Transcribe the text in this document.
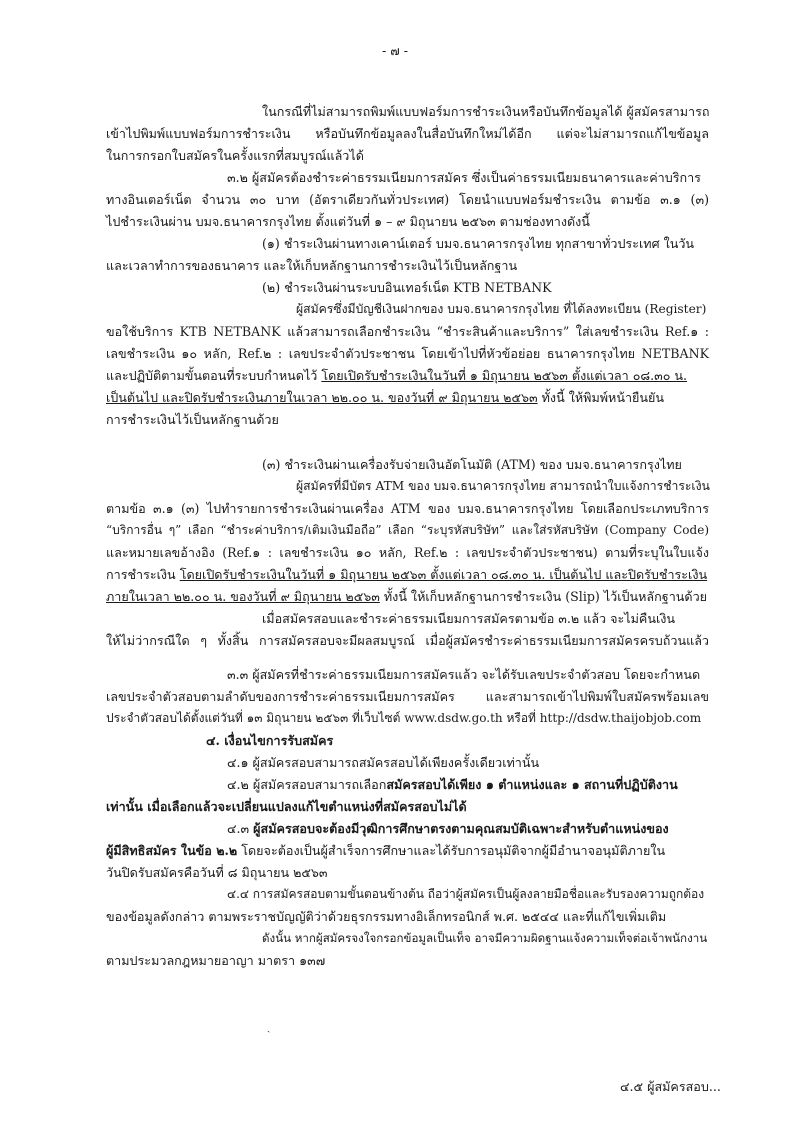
- ๗ -
ในกรณีที่ไม่สามารถพิมพ์แบบฟอร์มการชำระเงินหรือบันทึกข้อมูลได้ ผู้สมัครสามารถ
เข้าไปพิมพ์แบบฟอร์มการชำระเงิน หรือบันทึกข้อมูลลงในสื่อบันทึกใหม่ได้อีก แต่จะไม่สามารถแก้ไขข้อมูล
ในการกรอกใบสมัครในครั้งแรกที่สมบูรณ์แล้วได้
๓.๒ ผู้สมัครต้องชำระค่าธรรมเนียมการสมัคร ซึ่งเป็นค่าธรรมเนียมธนาคารและค่าบริการ
ทางอินเตอร์เน็ต จำนวน ๓๐ บาท (อัตราเดียวกันทั่วประเทศ) โดยนำแบบฟอร์มชำระเงิน ตามข้อ ๓.๑ (๓)
ไปชำระเงินผ่าน บมจ.ธนาคารกรุงไทย ตั้งแต่วันที่ ๑ – ๙ มิถุนายน ๒๕๖๓ ตามช่องทางดังนี้
(๑) ชำระเงินผ่านทางเคาน์เตอร์ บมจ.ธนาคารกรุงไทย ทุกสาขาทั่วประเทศ ในวัน
และเวลาทำการของธนาคาร และให้เก็บหลักฐานการชำระเงินไว้เป็นหลักฐาน
(๒) ชำระเงินผ่านระบบอินเทอร์เน็ต KTB NETBANK
ผู้สมัครซึ่งมีบัญชีเงินฝากของ บมจ.ธนาคารกรุงไทย ที่ได้ลงทะเบียน (Register)
ขอใช้บริการ KTB NETBANK แล้วสามารถเลือกชำระเงิน “ชำระสินค้าและบริการ” ใส่เลขชำระเงิน Ref.๑ :
เลขชำระเงิน ๑๐ หลัก, Ref.๒ : เลขประจำตัวประชาชน โดยเข้าไปที่หัวข้อย่อย ธนาคารกรุงไทย NETBANK
และปฏิบัติตามขั้นตอนที่ระบบกำหนดไว้ โดยเปิดรับชำระเงินในวันที่ ๑ มิถุนายน ๒๕๖๓ ตั้งแต่เวลา ๐๘.๓๐ น.
เป็นต้นไป และปิดรับชำระเงินภายในเวลา ๒๒.๐๐ น. ของวันที่ ๙ มิถุนายน ๒๕๖๓ ทั้งนี้ ให้พิมพ์หน้ายืนยัน
การชำระเงินไว้เป็นหลักฐานด้วย
(๓) ชำระเงินผ่านเครื่องรับจ่ายเงินอัตโนมัติ (ATM) ของ บมจ.ธนาคารกรุงไทย
ผู้สมัครที่มีบัตร ATM ของ บมจ.ธนาคารกรุงไทย สามารถนำใบแจ้งการชำระเงิน
ตามข้อ ๓.๑ (๓) ไปทำรายการชำระเงินผ่านเครื่อง ATM ของ บมจ.ธนาคารกรุงไทย โดยเลือกประเภทบริการ
“บริการอื่น ๆ” เลือก “ชำระค่าบริการ/เติมเงินมือถือ” เลือก “ระบุรหัสบริษัท” และใส่รหัสบริษัท (Company Code)
และหมายเลขอ้างอิง (Ref.๑ : เลขชำระเงิน ๑๐ หลัก, Ref.๒ : เลขประจำตัวประชาชน) ตามที่ระบุในใบแจ้ง
การชำระเงิน โดยเปิดรับชำระเงินในวันที่ ๑ มิถุนายน ๒๕๖๓ ตั้งแต่เวลา ๐๘.๓๐ น. เป็นต้นไป และปิดรับชำระเงิน
ภายในเวลา ๒๒.๐๐ น. ของวันที่ ๙ มิถุนายน ๒๕๖๓ ทั้งนี้ ให้เก็บหลักฐานการชำระเงิน (Slip) ไว้เป็นหลักฐานด้วย
เมื่อสมัครสอบและชำระค่าธรรมเนียมการสมัครตามข้อ ๓.๒ แล้ว จะไม่คืนเงิน
ให้ไม่ว่ากรณีใด ๆ ทั้งสิ้น การสมัครสอบจะมีผลสมบูรณ์ เมื่อผู้สมัครชำระค่าธรรมเนียมการสมัครครบถ้วนแล้ว
๓.๓ ผู้สมัครที่ชำระค่าธรรมเนียมการสมัครแล้ว จะได้รับเลขประจำตัวสอบ โดยจะกำหนด
เลขประจำตัวสอบตามลำดับของการชำระค่าธรรมเนียมการสมัคร และสามารถเข้าไปพิมพ์ใบสมัครพร้อมเลข
ประจำตัวสอบได้ตั้งแต่วันที่ ๑๓ มิถุนายน ๒๕๖๓ ที่เว็บไซต์ www.dsdw.go.th หรือที่ http://dsdw.thaijobjob.com
๔. เงื่อนไขการรับสมัคร
๔.๑ ผู้สมัครสอบสามารถสมัครสอบได้เพียงครั้งเดียวเท่านั้น
๔.๒ ผู้สมัครสอบสามารถเลือกสมัครสอบได้เพียง ๑ ตำแหน่งและ ๑ สถานที่ปฏิบัติงาน
เท่านั้น เมื่อเลือกแล้วจะเปลี่ยนแปลงแก้ไขตำแหน่งที่สมัครสอบไม่ได้
๔.๓ ผู้สมัครสอบจะต้องมีวุฒิการศึกษาตรงตามคุณสมบัติเฉพาะสำหรับตำแหน่งของ
ผู้มีสิทธิสมัคร ในข้อ ๒.๒ โดยจะต้องเป็นผู้สำเร็จการศึกษาและได้รับการอนุมัติจากผู้มีอำนาจอนุมัติภายใน
วันปิดรับสมัครคือวันที่ ๘ มิถุนายน ๒๕๖๓
๔.๔ การสมัครสอบตามขั้นตอนข้างต้น ถือว่าผู้สมัครเป็นผู้ลงลายมือชื่อและรับรองความถูกต้อง
ของข้อมูลดังกล่าว ตามพระราชบัญญัติว่าด้วยธุรกรรมทางอิเล็กทรอนิกส์ พ.ศ. ๒๕๔๔ และที่แก้ไขเพิ่มเติม
ดังนั้น หากผู้สมัครจงใจกรอกข้อมูลเป็นเท็จ อาจมีความผิดฐานแจ้งความเท็จต่อเจ้าพนักงาน
ตามประมวลกฎหมายอาญา มาตรา ๑๓๗
ˎ
๔.๕ ผู้สมัครสอบ...
